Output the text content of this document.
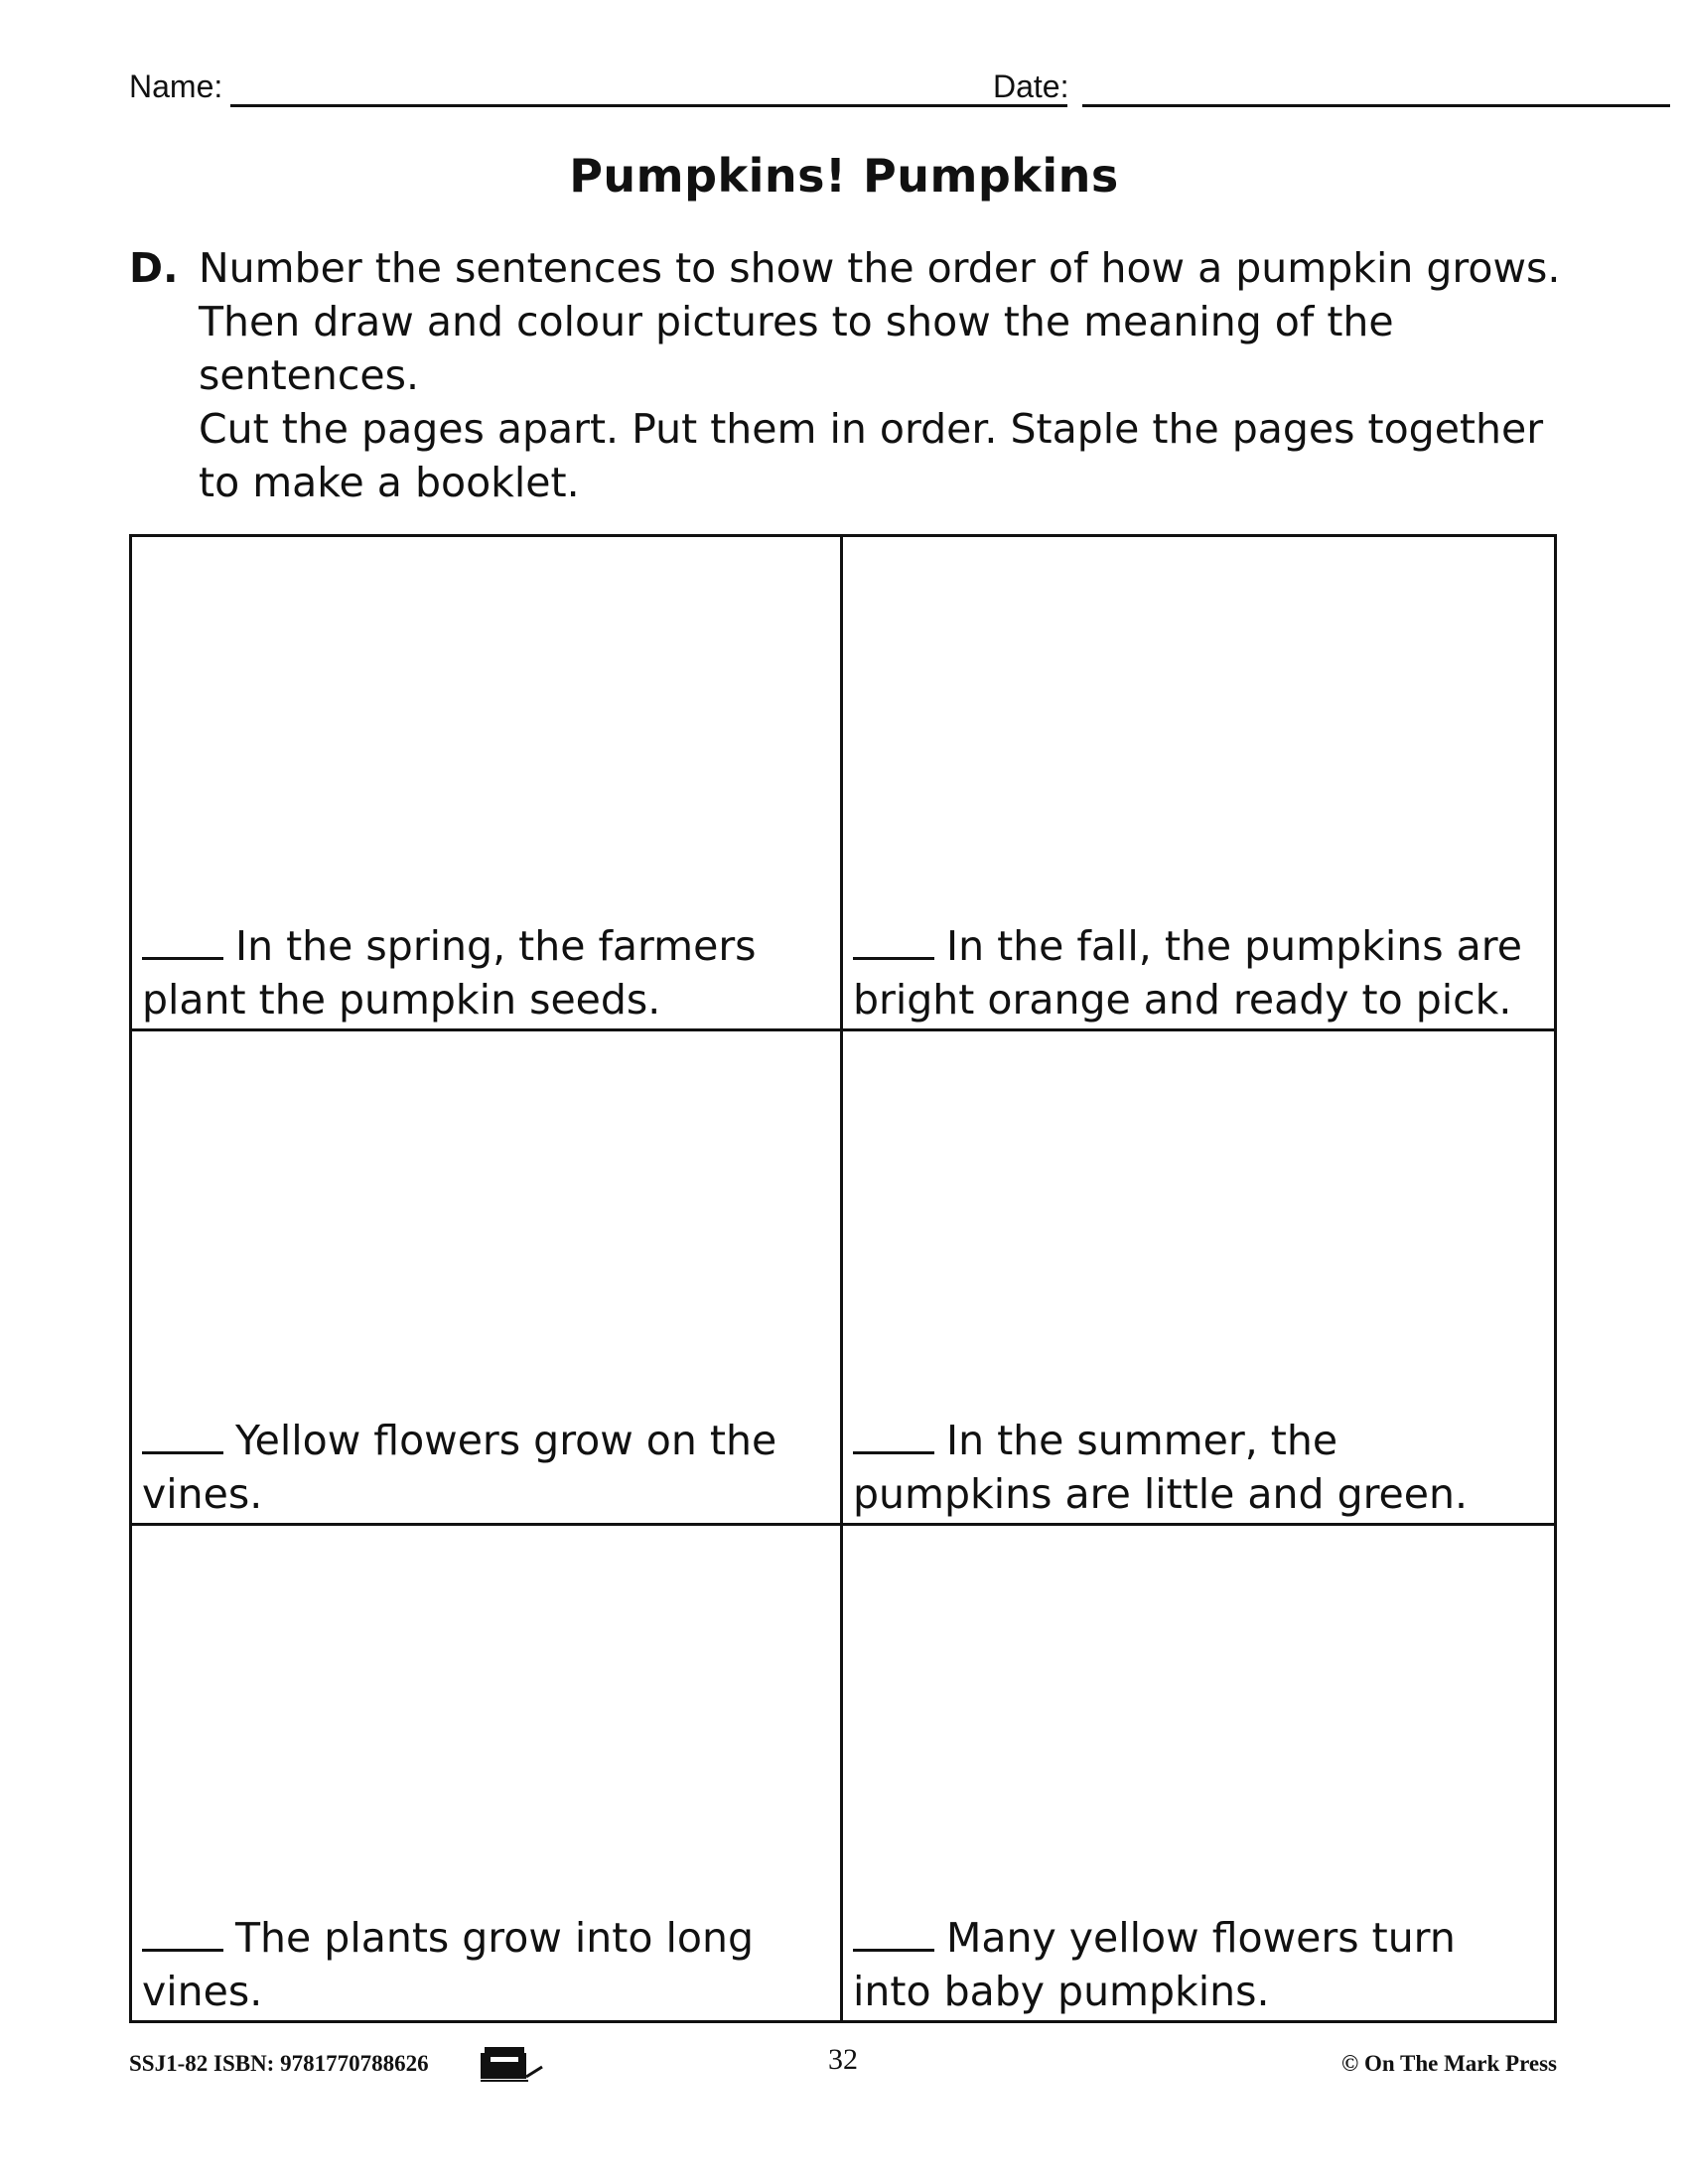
Name:	Date:
Pumpkins! Pumpkins
D. Number the sentences to show the order of how a pumpkin grows.

Then draw and colour pictures to show the meaning of the sentences.

Cut the pages apart. Put them in order. Staple the pages together to make a booklet.

In the spring, the farmers plant the pumpkin seeds.
In the fall, the pumpkins are bright orange and ready to pick.
Yellow flowers grow on the vines.
In the summer, the pumpkins are little and green.
The plants grow into long vines.
Many yellow flowers turn into baby pumpkins.
SSJ1-82 ISBN: 9781770788626	32	© On The Mark Press
